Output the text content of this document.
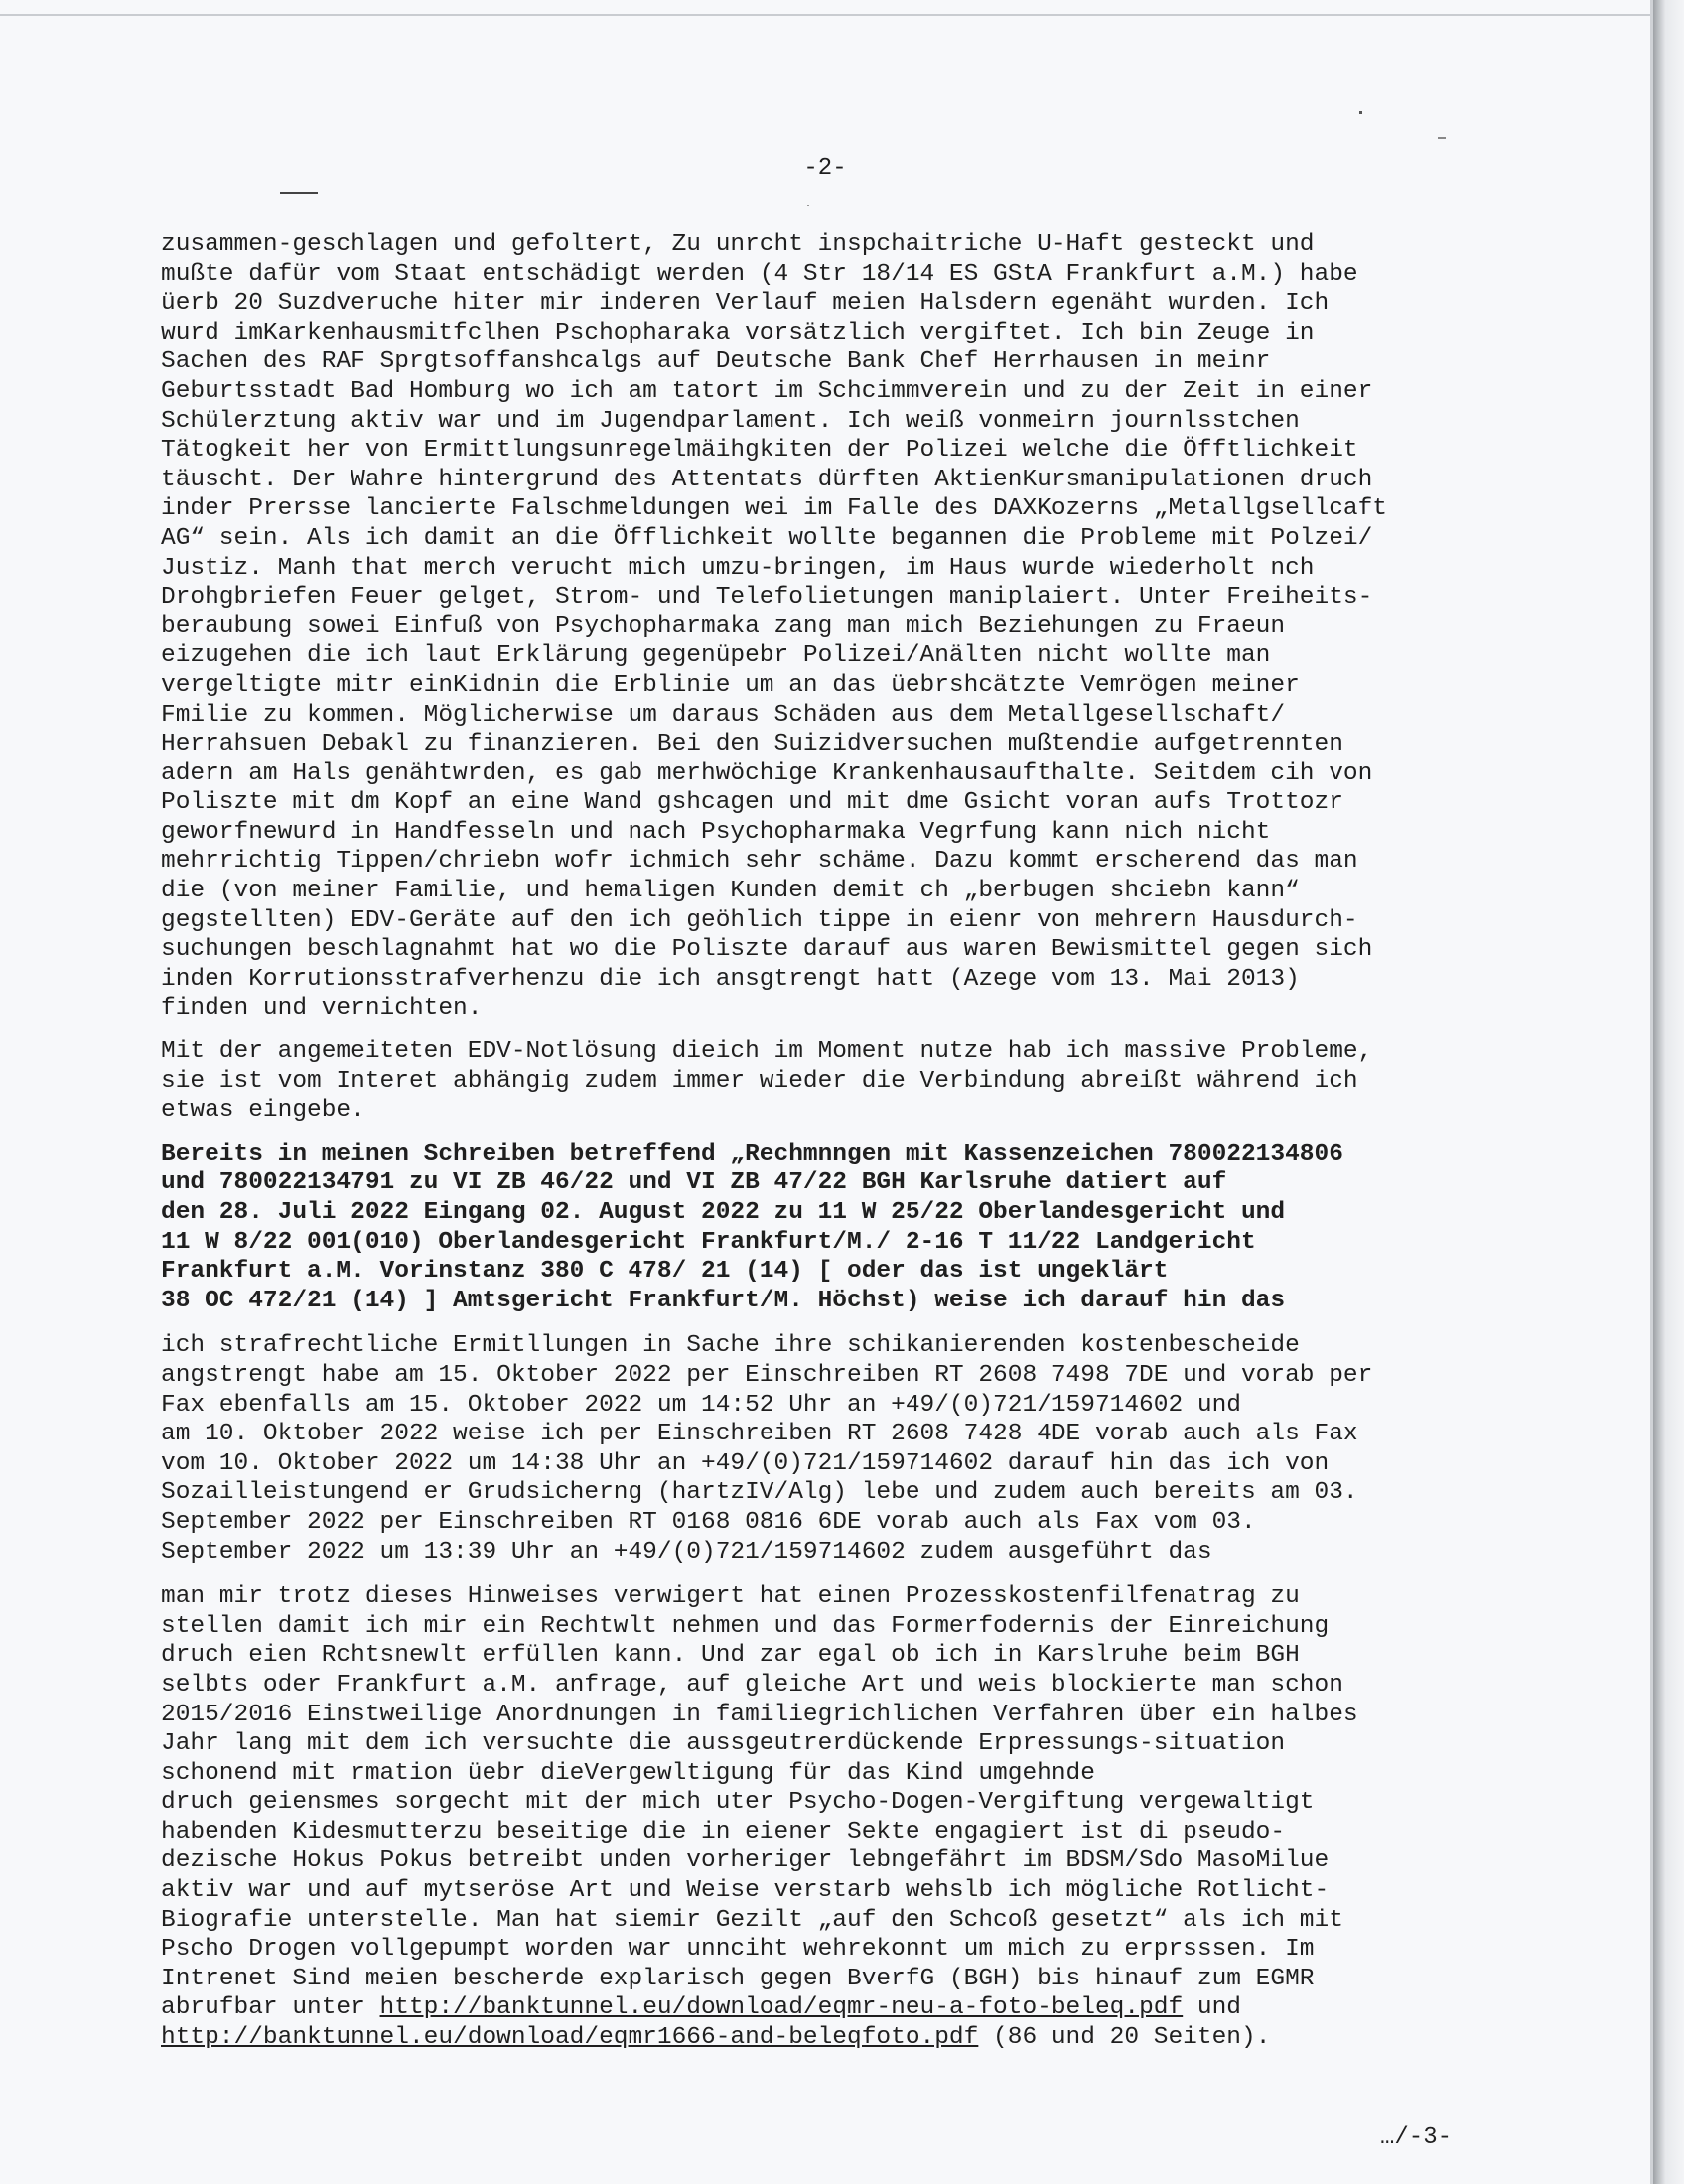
-2-
zusammen-geschlagen und gefoltert, Zu unrcht inspchaitriche U-Haft gesteckt und
mußte dafür vom Staat entschädigt werden (4 Str 18/14 ES GStA Frankfurt a.M.) habe
üerb 20 Suzdveruche hiter mir inderen Verlauf meien Halsdern egenäht wurden. Ich
wurd imKarkenhausmitfclhen Pschopharaka vorsätzlich vergiftet. Ich bin Zeuge in
Sachen des RAF Sprgtsoffanshcalgs auf Deutsche Bank Chef Herrhausen in meinr
Geburtsstadt Bad Homburg wo ich am tatort im Schcimmverein und zu der Zeit in einer
Schülerztung aktiv war und im Jugendparlament. Ich weiß vonmeirn journlsstchen
Tätogkeit her von Ermittlungsunregelmäihgkiten der Polizei welche die Öfftlichkeit
täuscht. Der Wahre hintergrund des Attentats dürften AktienKursmanipulationen druch
inder Prersse lancierte Falschmeldungen wei im Falle des DAXKozerns „Metallgsellcaft
AG“ sein. Als ich damit an die Öfflichkeit wollte begannen die Probleme mit Polzei/
Justiz. Manh that merch verucht mich umzu-bringen, im Haus wurde wiederholt nch
Drohgbriefen Feuer gelget, Strom- und Telefolietungen maniplaiert. Unter Freiheits-
beraubung sowei Einfuß von Psychopharmaka zang man mich Beziehungen zu Fraeun
eizugehen die ich laut Erklärung gegenüpebr Polizei/Anälten nicht wollte man
vergeltigte mitr einKidnin die Erblinie um an das üebrshcätzte Vemrögen meiner
Fmilie zu kommen. Möglicherwise um daraus Schäden aus dem Metallgesellschaft/
Herrahsuen Debakl zu finanzieren. Bei den Suizidversuchen mußtendie aufgetrennten
adern am Hals genähtwrden, es gab merhwöchige Krankenhausaufthalte. Seitdem cih von
Poliszte mit dm Kopf an eine Wand gshcagen und mit dme Gsicht voran aufs Trottozr
geworfnewurd in Handfesseln und nach Psychopharmaka Vegrfung kann nich nicht
mehrrichtig Tippen/chriebn wofr ichmich sehr schäme. Dazu kommt erscherend das man
die (von meiner Familie, und hemaligen Kunden demit ch „berbugen shciebn kann“
gegstellten) EDV-Geräte auf den ich geöhlich tippe in eienr von mehrern Hausdurch-
suchungen beschlagnahmt hat wo die Poliszte darauf aus waren Bewismittel gegen sich
inden Korrutionsstrafverhenzu die ich ansgtrengt hatt (Azege vom 13. Mai 2013)
finden und vernichten.
Mit der angemeiteten EDV-Notlösung dieich im Moment nutze hab ich massive Probleme,
sie ist vom Interet abhängig zudem immer wieder die Verbindung abreißt während ich
etwas eingebe.
Bereits in meinen Schreiben betreffend „Rechmnngen mit Kassenzeichen 780022134806
und 780022134791 zu VI ZB 46/22 und VI ZB 47/22 BGH Karlsruhe datiert auf
den 28. Juli 2022 Eingang 02. August 2022 zu 11 W 25/22 Oberlandesgericht und
11 W 8/22 001(010) Oberlandesgericht Frankfurt/M./ 2-16 T 11/22 Landgericht
Frankfurt a.M. Vorinstanz 380 C 478/ 21 (14) [ oder das ist ungeklärt
38 OC 472/21 (14) ] Amtsgericht Frankfurt/M. Höchst) weise ich darauf hin das
ich strafrechtliche Ermitllungen in Sache ihre schikanierenden kostenbescheide
angstrengt habe am 15. Oktober 2022 per Einschreiben RT 2608 7498 7DE und vorab per
Fax ebenfalls am 15. Oktober 2022 um 14:52 Uhr an +49/(0)721/159714602 und
am 10. Oktober 2022 weise ich per Einschreiben RT 2608 7428 4DE vorab auch als Fax
vom 10. Oktober 2022 um 14:38 Uhr an +49/(0)721/159714602 darauf hin das ich von
Sozailleistungend er Grudsicherng (hartzIV/Alg) lebe und zudem auch bereits am 03.
September 2022 per Einschreiben RT 0168 0816 6DE vorab auch als Fax vom 03.
September 2022 um 13:39 Uhr an +49/(0)721/159714602 zudem ausgeführt das
man mir trotz dieses Hinweises verwigert hat einen Prozesskostenfilfenatrag zu
stellen damit ich mir ein Rechtwlt nehmen und das Formerfodernis der Einreichung
druch eien Rchtsnewlt erfüllen kann. Und zar egal ob ich in Karslruhe beim BGH
selbts oder Frankfurt a.M. anfrage, auf gleiche Art und weis blockierte man schon
2015/2016 Einstweilige Anordnungen in familiegrichlichen Verfahren über ein halbes
Jahr lang mit dem ich versuchte die aussgeutrerdückende Erpressungs-situation
schonend mit rmation üebr dieVergewltigung für das Kind umgehnde
druch geiensmes sorgecht mit der mich uter Psycho-Dogen-Vergiftung vergewaltigt
habenden Kidesmutterzu beseitige die in eiener Sekte engagiert ist di pseudo-
dezische Hokus Pokus betreibt unden vorheriger lebngefährt im BDSM/Sdo MasoMilue
aktiv war und auf mytseröse Art und Weise verstarb wehslb ich mögliche Rotlicht-
Biografie unterstelle. Man hat siemir Gezilt „auf den Schcoß gesetzt“ als ich mit
Pscho Drogen vollgepumpt worden war unnciht wehrekonnt um mich zu erprsssen. Im
Intrenet Sind meien bescherde explarisch gegen BverfG (BGH) bis hinauf zum EGMR
abrufbar unter http://banktunnel.eu/download/eqmr-neu-a-foto-beleq.pdf und
http://banktunnel.eu/download/eqmr1666-and-beleqfoto.pdf (86 und 20 Seiten).
…/-3-
